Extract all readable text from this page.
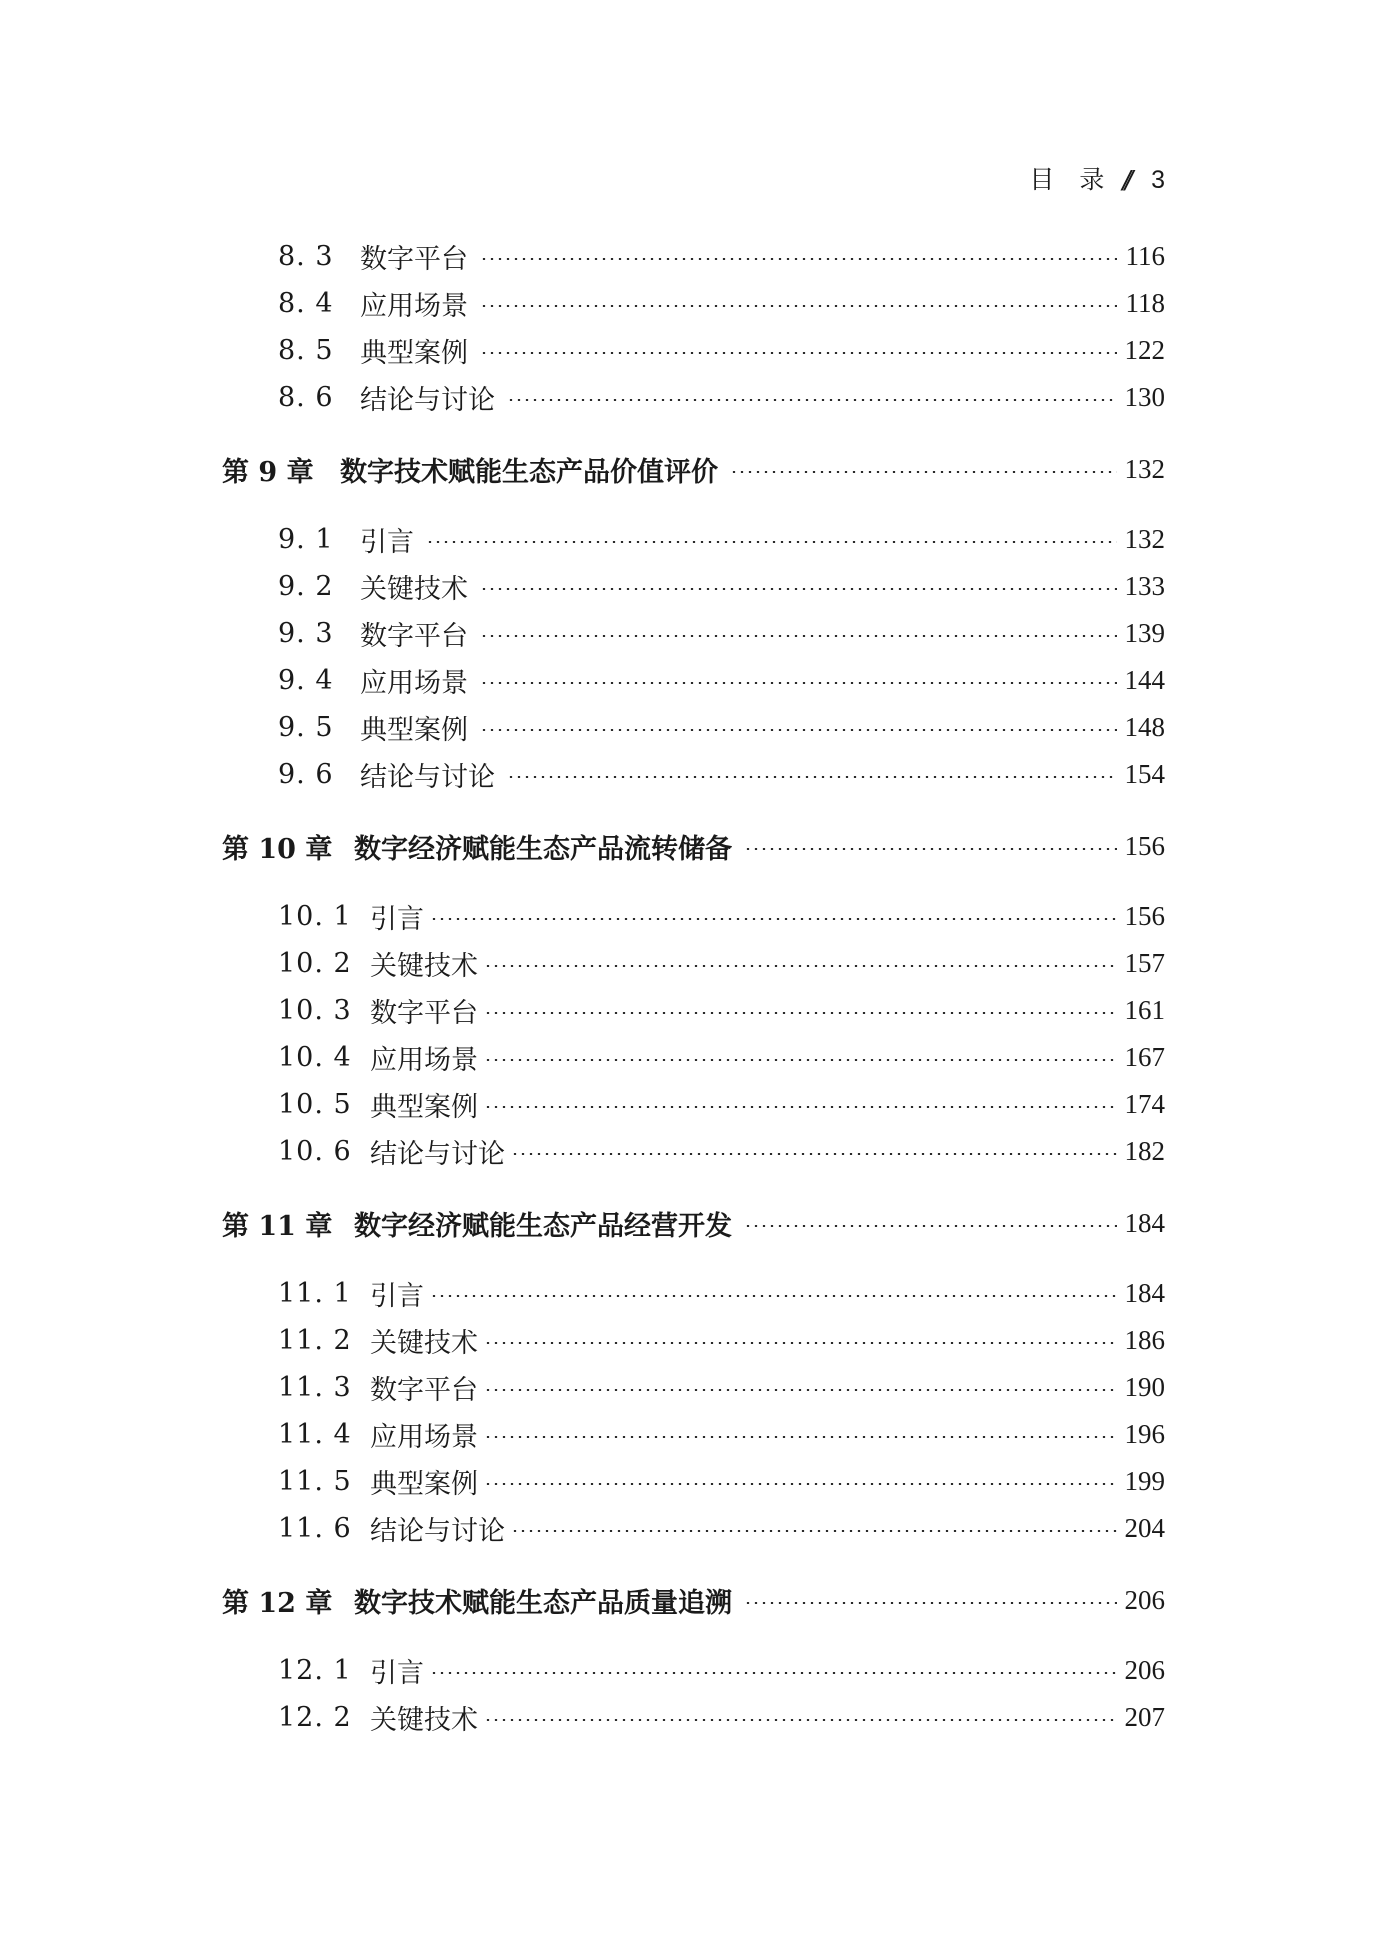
目　录 // 3
8. 3 数字平台	116
8. 4 应用场景	118
8. 5 典型案例	122
8. 6 结论与讨论	130
第 9 章 数字技术赋能生态产品价值评价	132
9. 1 引言	132
9. 2 关键技术	133
9. 3 数字平台	139
9. 4 应用场景	144
9. 5 典型案例	148
9. 6 结论与讨论	154
第 10 章 数字经济赋能生态产品流转储备	156
10. 1 引言	156
10. 2 关键技术	157
10. 3 数字平台	161
10. 4 应用场景	167
10. 5 典型案例	174
10. 6 结论与讨论	182
第 11 章 数字经济赋能生态产品经营开发	184
11. 1 引言	184
11. 2 关键技术	186
11. 3 数字平台	190
11. 4 应用场景	196
11. 5 典型案例	199
11. 6 结论与讨论	204
第 12 章 数字技术赋能生态产品质量追溯	206
12. 1 引言	206
12. 2 关键技术	207
